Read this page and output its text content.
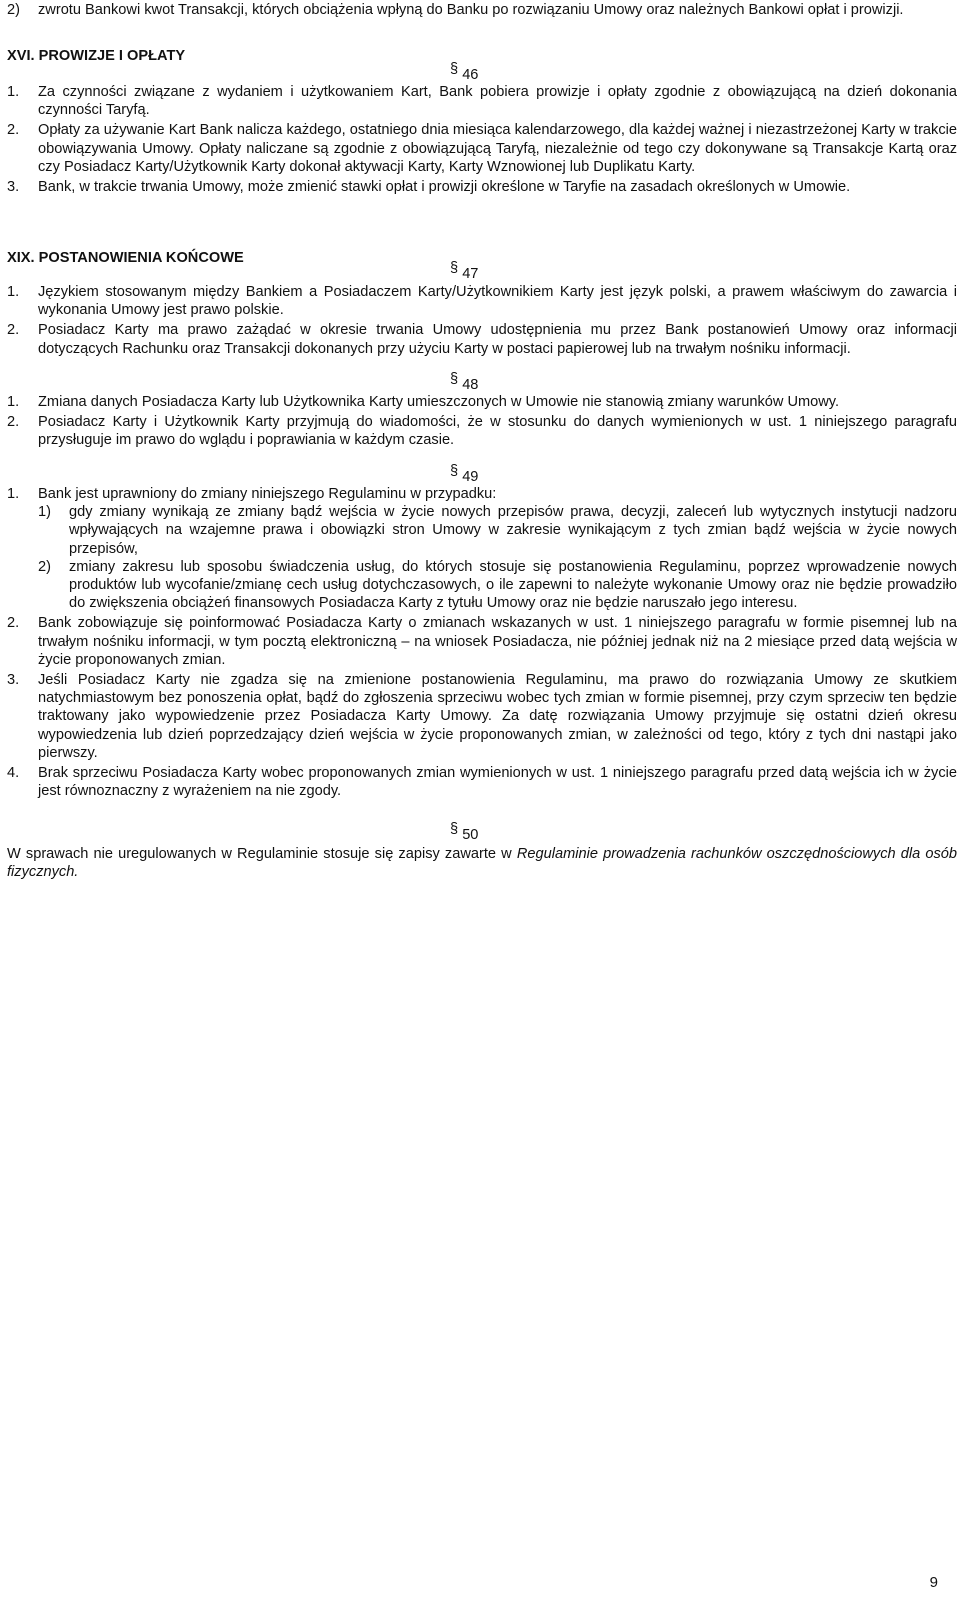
2) zwrotu Bankowi kwot Transakcji, których obciążenia wpłyną do Banku po rozwiązaniu Umowy oraz należnych Bankowi opłat i prowizji.
XVI. PROWIZJE I OPŁATY
§ 46
1. Za czynności związane z wydaniem i użytkowaniem Kart, Bank pobiera prowizje i opłaty zgodnie z obowiązującą na dzień dokonania czynności Taryfą.
2. Opłaty za używanie Kart Bank nalicza każdego, ostatniego dnia miesiąca kalendarzowego, dla każdej ważnej i niezastrzeżonej Karty w trakcie obowiązywania Umowy. Opłaty naliczane są zgodnie z obowiązującą Taryfą, niezależnie od tego czy dokonywane są Transakcje Kartą oraz czy Posiadacz Karty/Użytkownik Karty dokonał aktywacji Karty, Karty Wznowionej lub Duplikatu Karty.
3. Bank, w trakcie trwania Umowy, może zmienić stawki opłat i prowizji określone w Taryfie na zasadach określonych w Umowie.
XIX. POSTANOWIENIA KOŃCOWE
§ 47
1. Językiem stosowanym między Bankiem a Posiadaczem Karty/Użytkownikiem Karty jest język polski, a prawem właściwym do zawarcia i wykonania Umowy jest prawo polskie.
2. Posiadacz Karty ma prawo zażądać w okresie trwania Umowy udostępnienia mu przez Bank postanowień Umowy oraz informacji dotyczących Rachunku oraz Transakcji dokonanych przy użyciu Karty w postaci papierowej lub na trwałym nośniku informacji.
§ 48
1. Zmiana danych Posiadacza Karty lub Użytkownika Karty umieszczonych w Umowie nie stanowią zmiany warunków Umowy.
2. Posiadacz Karty i Użytkownik Karty przyjmują do wiadomości, że w stosunku do danych wymienionych w ust. 1 niniejszego paragrafu przysługuje im prawo do wglądu i poprawiania w każdym czasie.
§ 49
1. Bank jest uprawniony do zmiany niniejszego Regulaminu w przypadku:
1) gdy zmiany wynikają ze zmiany bądź wejścia w życie nowych przepisów prawa, decyzji, zaleceń lub wytycznych instytucji nadzoru wpływających na wzajemne prawa i obowiązki stron Umowy w zakresie wynikającym z tych zmian bądź wejścia w życie nowych przepisów,
2) zmiany zakresu lub sposobu świadczenia usług, do których stosuje się postanowienia Regulaminu, poprzez wprowadzenie nowych produktów lub wycofanie/zmianę cech usług dotychczasowych, o ile zapewni to należyte wykonanie Umowy oraz nie będzie prowadziło do zwiększenia obciążeń finansowych Posiadacza Karty z tytułu Umowy oraz nie będzie naruszało jego interesu.
2. Bank zobowiązuje się poinformować Posiadacza Karty o zmianach wskazanych w ust. 1 niniejszego paragrafu w formie pisemnej lub na trwałym nośniku informacji, w tym pocztą elektroniczną – na wniosek Posiadacza, nie później jednak niż na 2 miesiące przed datą wejścia w życie proponowanych zmian.
3. Jeśli Posiadacz Karty nie zgadza się na zmienione postanowienia Regulaminu, ma prawo do rozwiązania Umowy ze skutkiem natychmiastowym bez ponoszenia opłat, bądź do zgłoszenia sprzeciwu wobec tych zmian w formie pisemnej, przy czym sprzeciw ten będzie traktowany jako wypowiedzenie przez Posiadacza Karty Umowy. Za datę rozwiązania Umowy przyjmuje się ostatni dzień okresu wypowiedzenia lub dzień poprzedzający dzień wejścia w życie proponowanych zmian, w zależności od tego, który z tych dni nastąpi jako pierwszy.
4. Brak sprzeciwu Posiadacza Karty wobec proponowanych zmian wymienionych w ust. 1 niniejszego paragrafu przed datą wejścia ich w życie jest równoznaczny z wyrażeniem na nie zgody.
§ 50
W sprawach nie uregulowanych w Regulaminie stosuje się zapisy zawarte w Regulaminie prowadzenia rachunków oszczędnościowych dla osób fizycznych.
9
